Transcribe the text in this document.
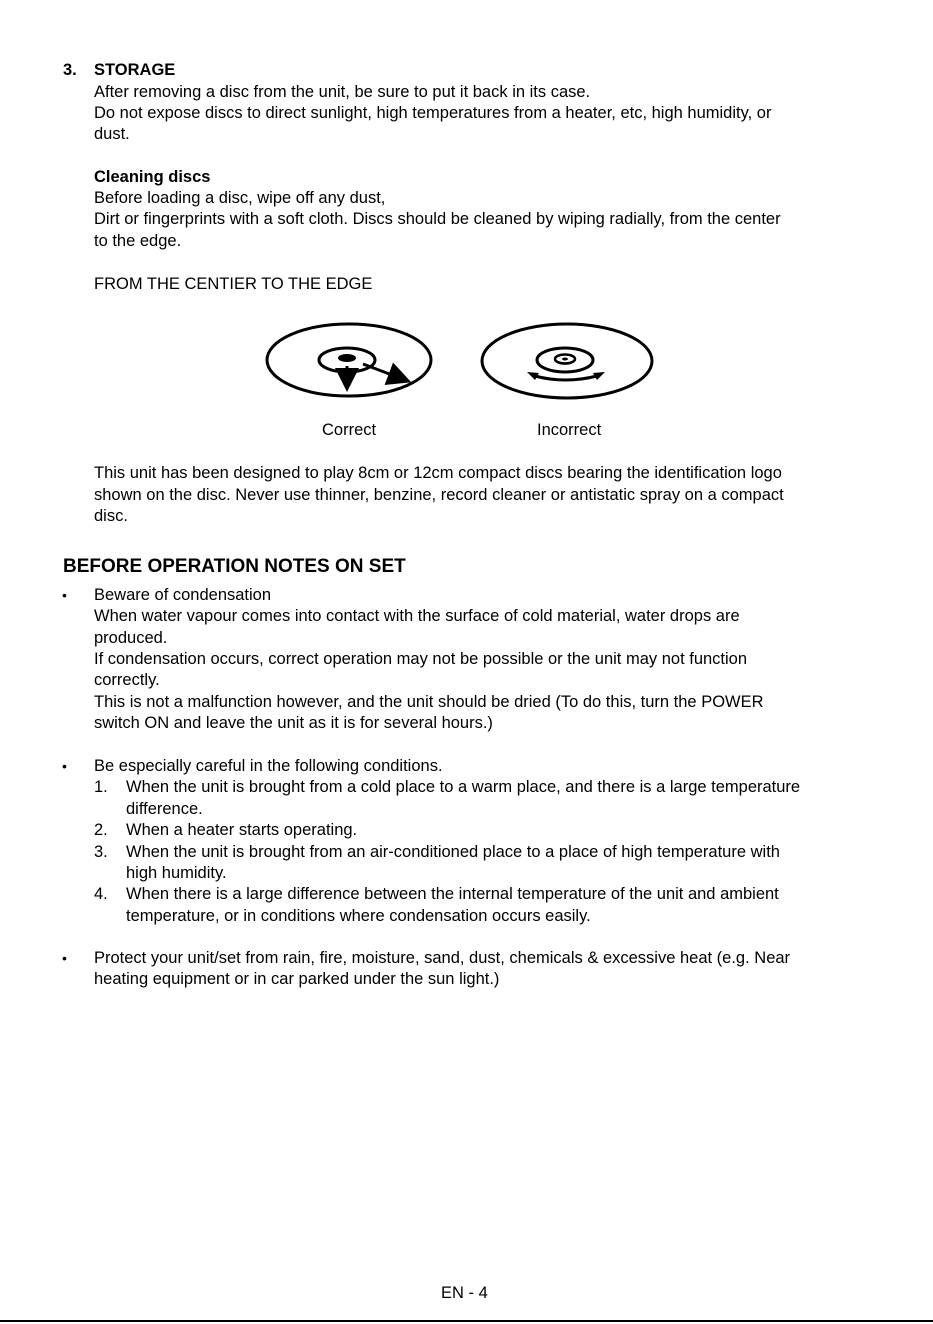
3. STORAGE
After removing a disc from the unit, be sure to put it back in its case.
Do not expose discs to direct sunlight, high temperatures from a heater, etc, high humidity, or
dust.
Cleaning discs
Before loading a disc, wipe off any dust,
Dirt or fingerprints with a soft cloth. Discs should be cleaned by wiping radially, from the center
to the edge.
FROM THE CENTIER TO THE EDGE
Correct	Incorrect
This unit has been designed to play 8cm or 12cm compact discs bearing the identification logo
shown on the disc. Never use thinner, benzine, record cleaner or antistatic spray on a compact
disc.
BEFORE OPERATION NOTES ON SET
• Beware of condensation
When water vapour comes into contact with the surface of cold material, water drops are
produced.
If condensation occurs, correct operation may not be possible or the unit may not function
correctly.
This is not a malfunction however, and the unit should be dried (To do this, turn the POWER
switch ON and leave the unit as it is for several hours.)
• Be especially careful in the following conditions.
1. When the unit is brought from a cold place to a warm place, and there is a large temperature
difference.
2. When a heater starts operating.
3. When the unit is brought from an air-conditioned place to a place of high temperature with
high humidity.
4. When there is a large difference between the internal temperature of the unit and ambient
temperature, or in conditions where condensation occurs easily.
• Protect your unit/set from rain, fire, moisture, sand, dust, chemicals & excessive heat (e.g. Near
heating equipment or in car parked under the sun light.)
EN - 4
